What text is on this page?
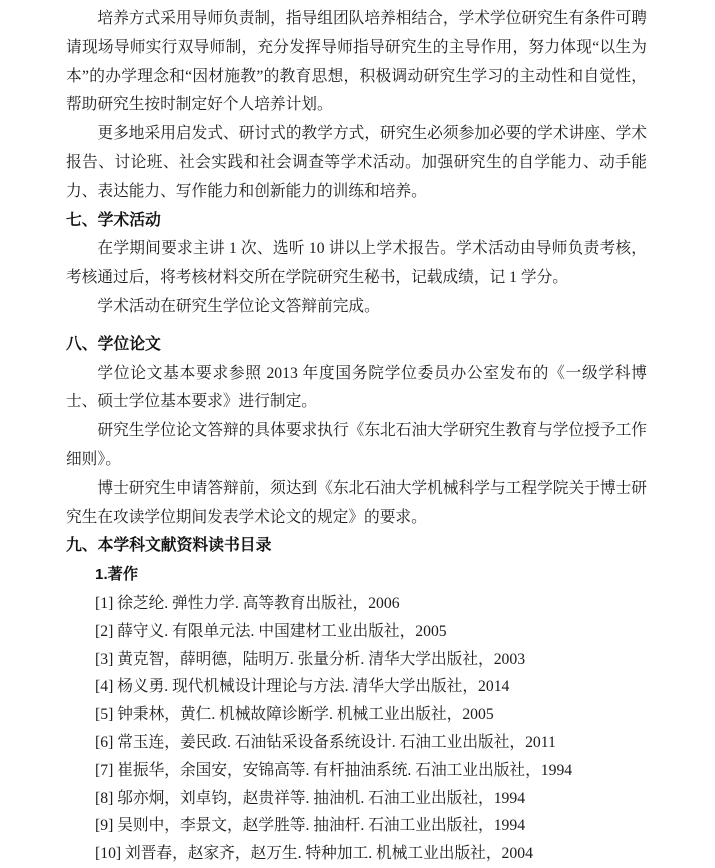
培养方式采用导师负责制，指导组团队培养相结合，学术学位研究生有条件可聘请现场导师实行双导师制，充分发挥导师指导研究生的主导作用，努力体现“以生为本”的办学理念和“因材施教”的教育思想，积极调动研究生学习的主动性和自觉性，帮助研究生按时制定好个人培养计划。

更多地采用启发式、研讨式的教学方式，研究生必须参加必要的学术讲座、学术报告、讨论班、社会实践和社会调查等学术活动。加强研究生的自学能力、动手能力、表达能力、写作能力和创新能力的训练和培养。

七、学术活动

在学期间要求主讲 1 次、选听 10 讲以上学术报告。学术活动由导师负责考核，考核通过后，将考核材料交所在学院研究生秘书，记载成绩，记 1 学分。

学术活动在研究生学位论文答辩前完成。

八、学位论文

学位论文基本要求参照 2013 年度国务院学位委员办公室发布的《一级学科博士、硕士学位基本要求》进行制定。

研究生学位论文答辩的具体要求执行《东北石油大学研究生教育与学位授予工作细则》。

博士研究生申请答辩前，须达到《东北石油大学机械科学与工程学院关于博士研究生在攻读学位期间发表学术论文的规定》的要求。

九、本学科文献资料读书目录
1.著作

[1] 徐芝纶. 弹性力学. 高等教育出版社，2006

[2] 薛守义. 有限单元法. 中国建材工业出版社，2005

[3] 黄克智，薛明德，陆明万. 张量分析. 清华大学出版社，2003

[4] 杨义勇. 现代机械设计理论与方法. 清华大学出版社，2014

[5] 钟秉林，黄仁. 机械故障诊断学. 机械工业出版社，2005

[6] 常玉连，姜民政. 石油钻采设备系统设计. 石油工业出版社，2011

[7] 崔振华，余国安，安锦高等. 有杆抽油系统. 石油工业出版社，1994

[8] 邬亦炯，刘卓钧，赵贵祥等. 抽油机. 石油工业出版社，1994

[9] 吴则中，李景文，赵学胜等. 抽油杆. 石油工业出版社，1994

[10] 刘晋春，赵家齐，赵万生. 特种加工. 机械工业出版社，2004
